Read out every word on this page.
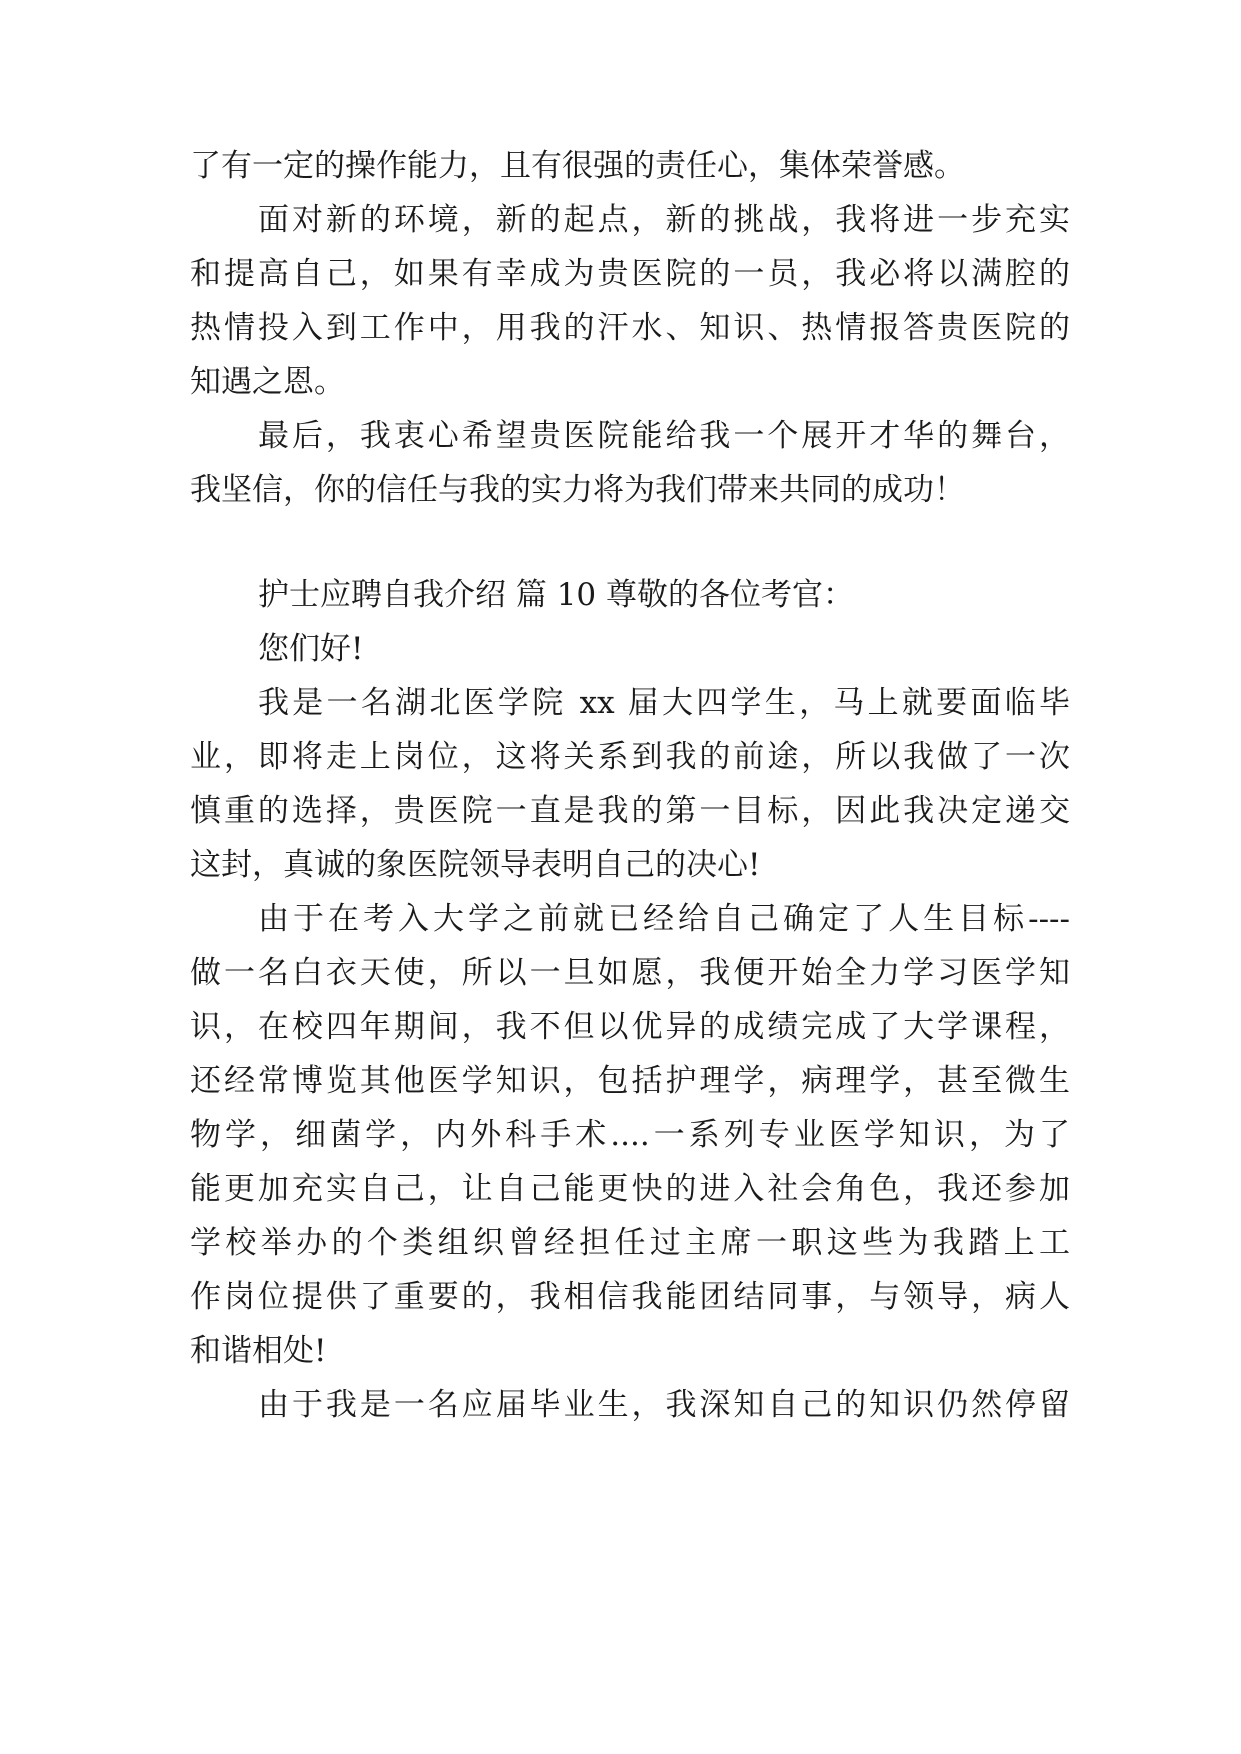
了有一定的操作能力，且有很强的责任心，集体荣誉感。
面对新的环境，新的起点，新的挑战，我将进一步充实
和提高自己，如果有幸成为贵医院的一员，我必将以满腔的
热情投入到工作中，用我的汗水、知识、热情报答贵医院的
知遇之恩。
最后，我衷心希望贵医院能给我一个展开才华的舞台，
我坚信，你的信任与我的实力将为我们带来共同的成功！
护士应聘自我介绍 篇 10 尊敬的各位考官：
您们好!
我是一名湖北医学院 xx 届大四学生，马上就要面临毕
业，即将走上岗位，这将关系到我的前途，所以我做了一次
慎重的选择，贵医院一直是我的第一目标，因此我决定递交
这封，真诚的象医院领导表明自己的决心!
由于在考入大学之前就已经给自己确定了人生目标----
做一名白衣天使，所以一旦如愿，我便开始全力学习医学知
识，在校四年期间，我不但以优异的成绩完成了大学课程，
还经常博览其他医学知识，包括护理学，病理学，甚至微生
物学，细菌学，内外科手术....一系列专业医学知识，为了
能更加充实自己，让自己能更快的进入社会角色，我还参加
学校举办的个类组织曾经担任过主席一职这些为我踏上工
作岗位提供了重要的，我相信我能团结同事，与领导，病人
和谐相处!
由于我是一名应届毕业生，我深知自己的知识仍然停留
